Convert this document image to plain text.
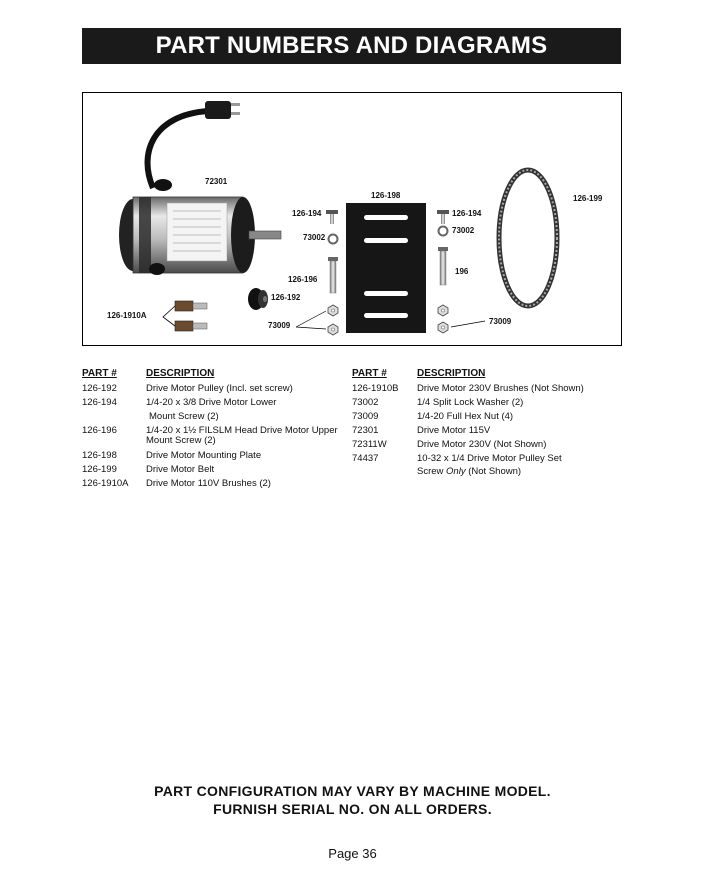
PART NUMBERS AND DIAGRAMS
72301
126-198	126-199
126-194
73002
126-196
126-192
73009
126-1910A
126-194
73002
196
73009
PART #	DESCRIPTION
126-192	Drive Motor Pulley (Incl. set screw)
126-194	1/4-20 x 3/8 Drive Motor Lower
Mount Screw (2)
126-196	1/4-20 x 1½ FILSLM Head Drive Motor Upper
Mount Screw (2)
126-198	Drive Motor Mounting Plate
126-199	Drive Motor Belt
126-1910A Drive Motor 110V Brushes (2)
PART #	DESCRIPTION
126-1910B Drive Motor 230V Brushes (Not Shown)
73002	1/4 Split Lock Washer (2)
73009	1/4-20 Full Hex Nut (4)
72301	Drive Motor 115V
72311W	Drive Motor 230V (Not Shown)
74437	10-32 x 1/4 Drive Motor Pulley Set
Screw Only (Not Shown)
PART CONFIGURATION MAY VARY BY MACHINE MODEL.
FURNISH SERIAL NO. ON ALL ORDERS.
Page 36
